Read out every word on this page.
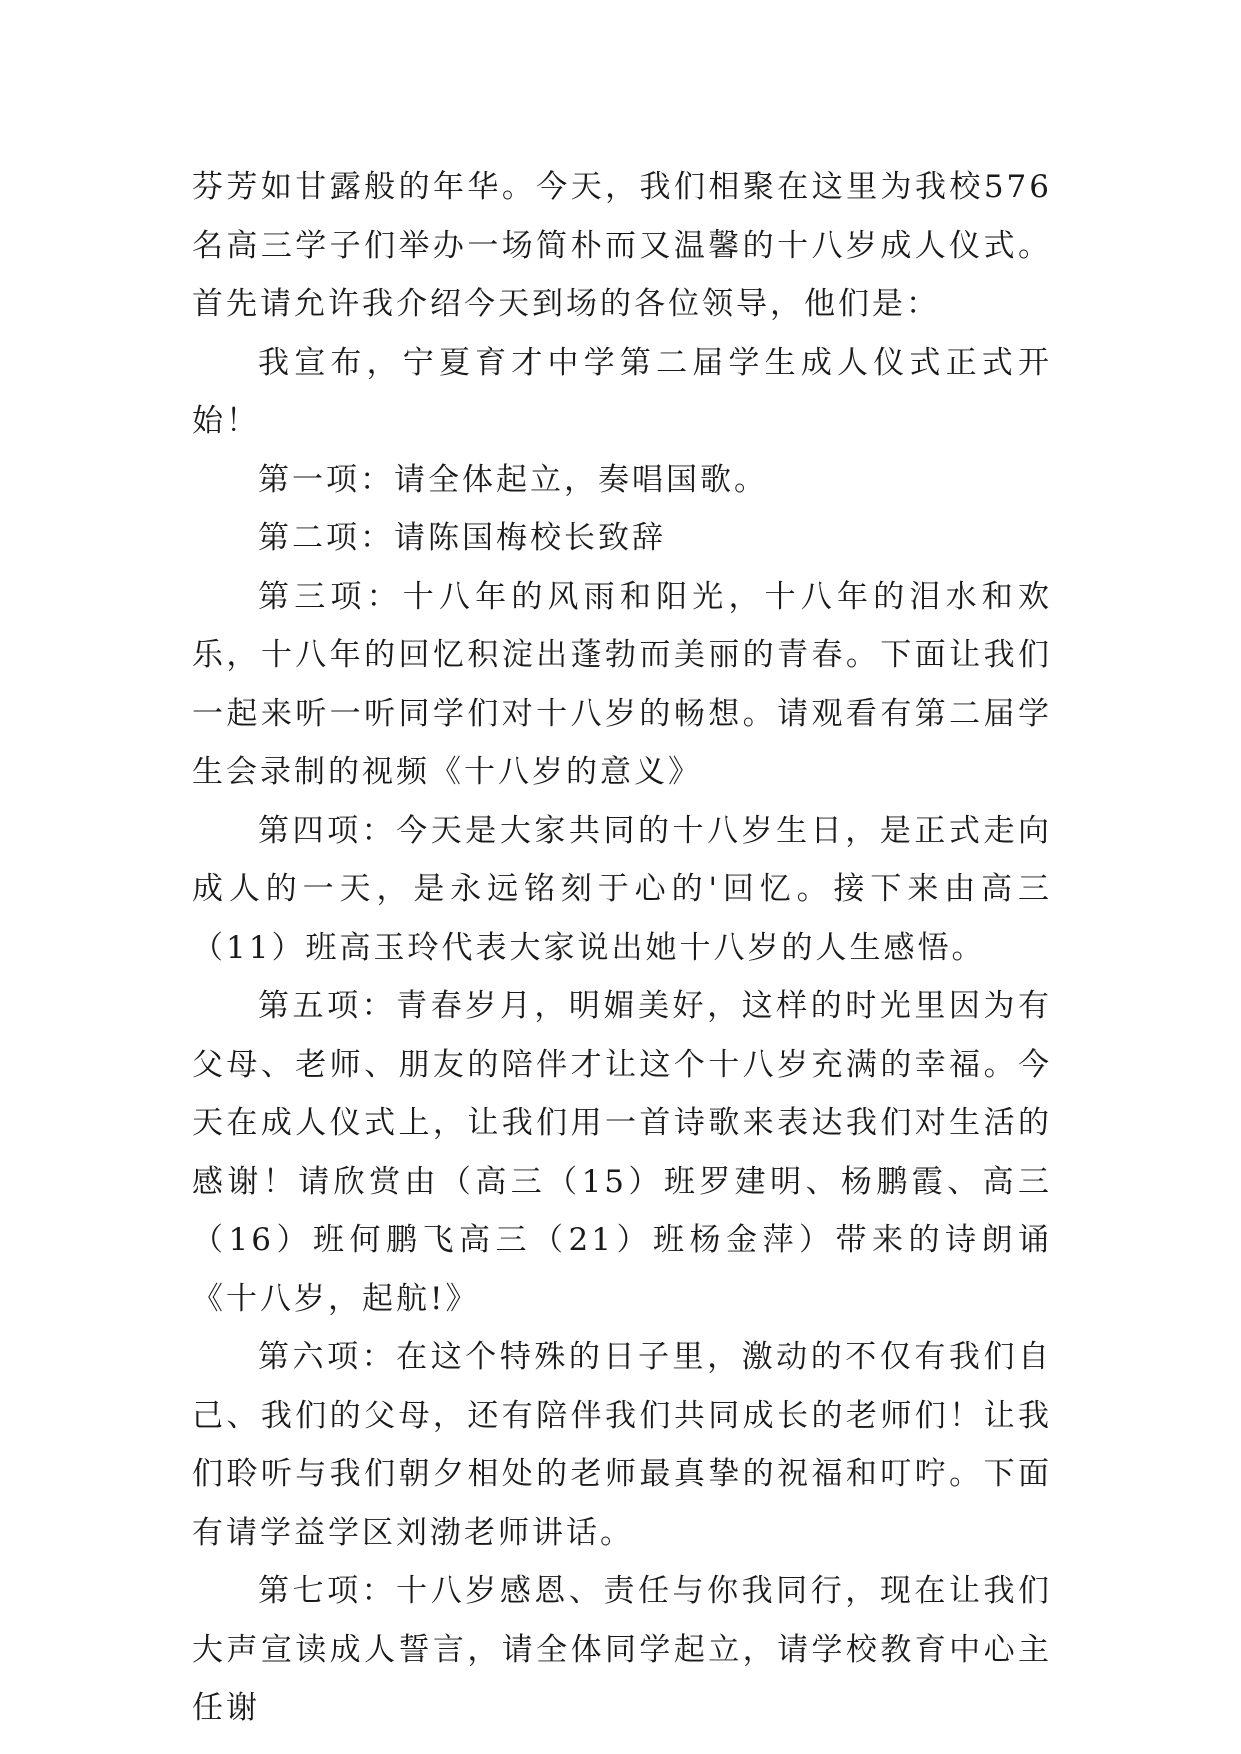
芬芳如甘露般的年华。今天，我们相聚在这里为我校576名高三学子们举办一场简朴而又温馨的十八岁成人仪式。首先请允许我介绍今天到场的各位领导，他们是：

我宣布，宁夏育才中学第二届学生成人仪式正式开始！

第一项：请全体起立，奏唱国歌。

第二项：请陈国梅校长致辞

第三项：十八年的风雨和阳光，十八年的泪水和欢乐，十八年的回忆积淀出蓬勃而美丽的青春。下面让我们一起来听一听同学们对十八岁的畅想。请观看有第二届学生会录制的视频《十八岁的意义》

第四项：今天是大家共同的十八岁生日，是正式走向成人的一天，是永远铭刻于心的'回忆。接下来由高三（11）班高玉玲代表大家说出她十八岁的人生感悟。

第五项：青春岁月，明媚美好，这样的时光里因为有父母、老师、朋友的陪伴才让这个十八岁充满的幸福。今天在成人仪式上，让我们用一首诗歌来表达我们对生活的感谢！请欣赏由（高三（15）班罗建明、杨鹏霞、高三（16）班何鹏飞高三（21）班杨金萍）带来的诗朗诵《十八岁，起航!》

第六项：在这个特殊的日子里，激动的不仅有我们自己、我们的父母，还有陪伴我们共同成长的老师们！让我们聆听与我们朝夕相处的老师最真挚的祝福和叮咛。下面有请学益学区刘渤老师讲话。

第七项：十八岁感恩、责任与你我同行，现在让我们大声宣读成人誓言，请全体同学起立，请学校教育中心主任谢
